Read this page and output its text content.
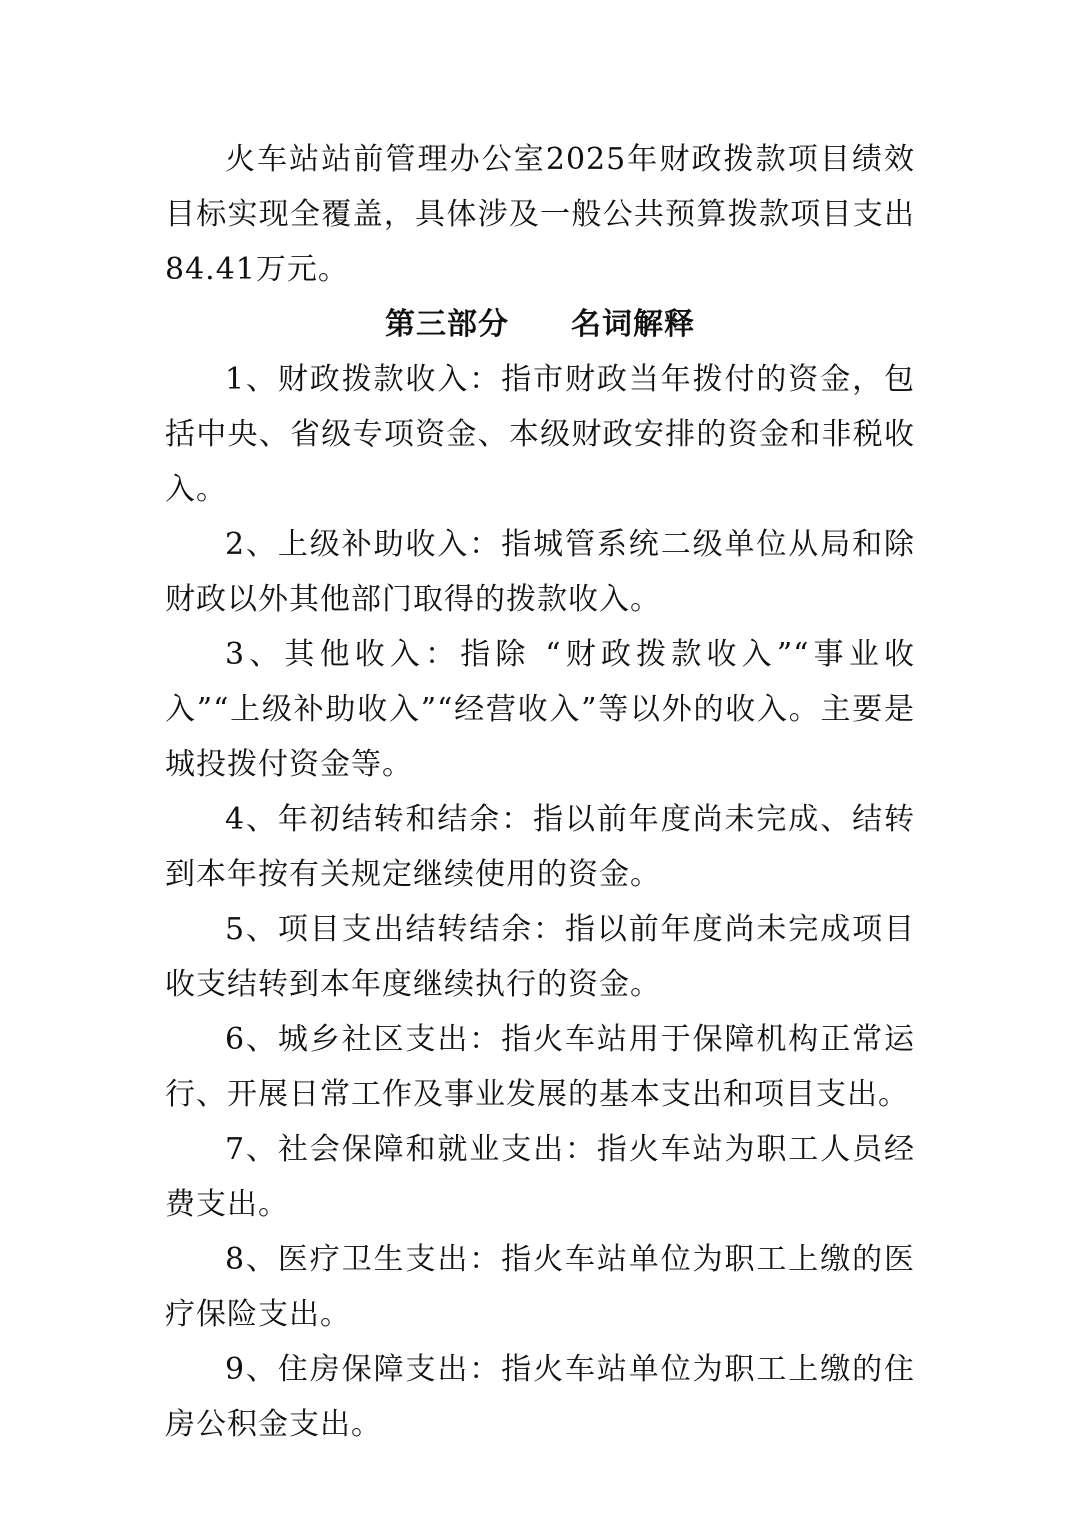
火车站站前管理办公室2025年财政拨款项目绩效目标实现全覆盖，具体涉及一般公共预算拨款项目支出84.41万元。

第三部分　　名词解释

1、财政拨款收入：指市财政当年拨付的资金，包括中央、省级专项资金、本级财政安排的资金和非税收入。

2、上级补助收入：指城管系统二级单位从局和除财政以外其他部门取得的拨款收入。

3、其他收入：指除 “财政拨款收入”“事业收入”“上级补助收入”“经营收入”等以外的收入。主要是城投拨付资金等。

4、年初结转和结余：指以前年度尚未完成、结转到本年按有关规定继续使用的资金。

5、项目支出结转结余：指以前年度尚未完成项目收支结转到本年度继续执行的资金。

6、城乡社区支出：指火车站用于保障机构正常运行、开展日常工作及事业发展的基本支出和项目支出。

7、社会保障和就业支出：指火车站为职工人员经费支出。

8、医疗卫生支出：指火车站单位为职工上缴的医疗保险支出。

9、住房保障支出：指火车站单位为职工上缴的住房公积金支出。
